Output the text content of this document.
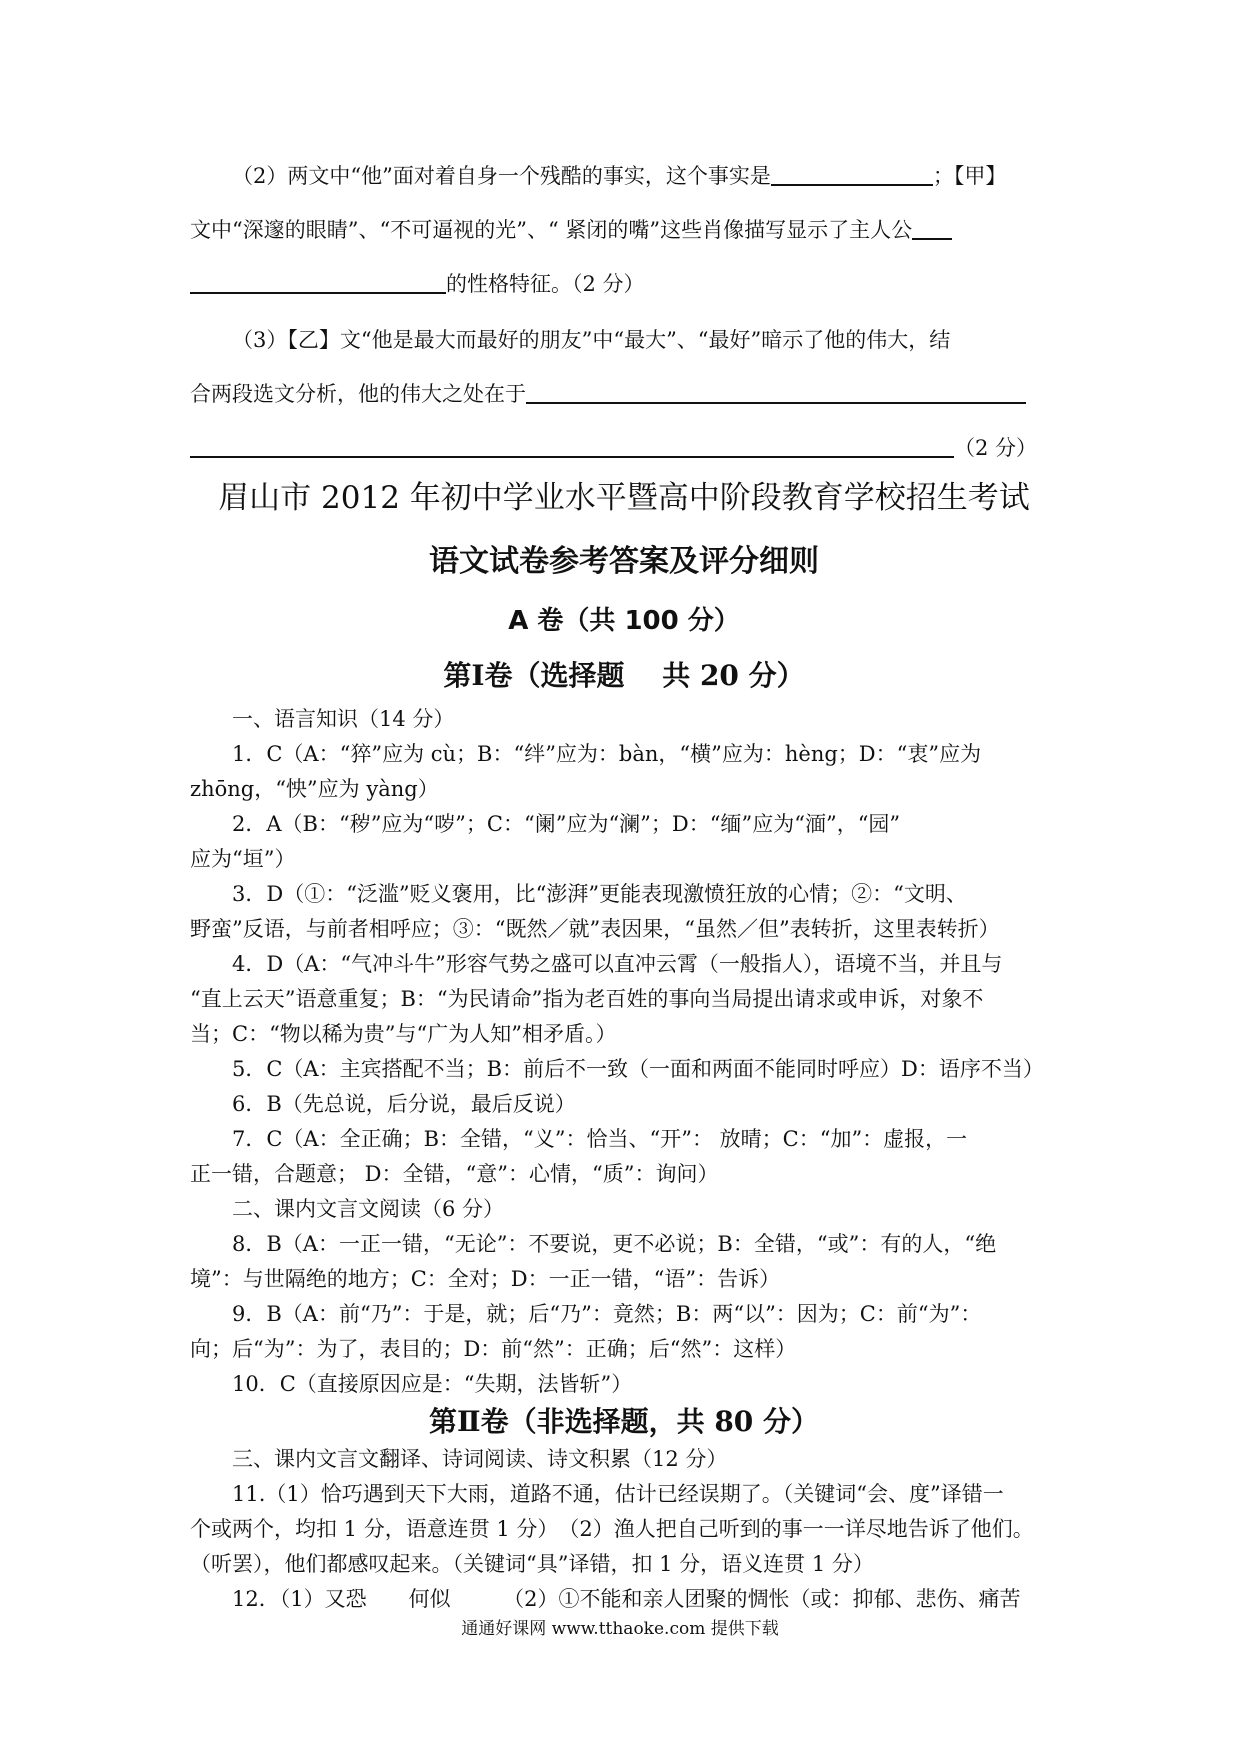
（2）两文中“他”面对着自身一个残酷的事实，这个事实是	；【甲】

文中“深邃的眼睛”、“不可逼视的光”、“ 紧闭的嘴”这些肖像描写显示了主人公

的性格特征。（2 分）

（3）【乙】文“他是最大而最好的朋友”中“最大”、“最好”暗示了他的伟大，结

合两段选文分析，他的伟大之处在于

（2 分）

眉山市 2012 年初中学业水平暨高中阶段教育学校招生考试
语文试卷参考答案及评分细则
A 卷（共 100 分）
第Ⅰ卷（选择题　 共 20 分）

一、语言知识（14 分）

1．C（A：“猝”应为 cù；B：“绊”应为：bàn，“横”应为：hèng；D：“衷”应为

zhōng，“怏”应为 yàng）

2．A（B：“秽”应为“哕”；C：“阑”应为“澜”；D：“缅”应为“湎”，“园”

应为“垣”）

3．D（①：“泛滥”贬义褒用，比“澎湃”更能表现激愤狂放的心情；②：“文明、

野蛮”反语，与前者相呼应；③：“既然／就”表因果，“虽然／但”表转折，这里表转折）

4．D（A：“气冲斗牛”形容气势之盛可以直冲云霄（一般指人），语境不当，并且与

“直上云天”语意重复；B：“为民请命”指为老百姓的事向当局提出请求或申诉，对象不

当；C：“物以稀为贵”与“广为人知”相矛盾。）

5．C（A：主宾搭配不当；B：前后不一致（一面和两面不能同时呼应）D：语序不当）

6．B（先总说，后分说，最后反说）

7．C（A：全正确；B：全错，“义”：恰当、“开”： 放晴；C：“加”：虚报，一

正一错，合题意； D：全错，“意”：心情，“质”：询问）

二、课内文言文阅读（6 分）

8．B（A：一正一错，“无论”：不要说，更不必说；B：全错，“或”：有的人，“绝

境”：与世隔绝的地方；C：全对；D：一正一错，“语”：告诉）

9．B（A：前“乃”：于是，就；后“乃”：竟然；B：两“以”：因为；C：前“为”：

向；后“为”：为了，表目的；D：前“然”：正确；后“然”：这样）

10．C（直接原因应是：“失期，法皆斩”）

第Ⅱ卷（非选择题，共 80 分）

三、课内文言文翻译、诗词阅读、诗文积累（12 分）

11.（1）恰巧遇到天下大雨，道路不通，估计已经误期了。（关键词“会、度”译错一

个或两个，均扣 1 分，语意连贯 1 分）　（2）渔人把自己听到的事一一详尽地告诉了他们。

（听罢），他们都感叹起来。（关键词“具”译错，扣 1 分，语义连贯 1 分）

12．（1）又恐　　何似　　　（2）①不能和亲人团聚的惆怅（或：抑郁、悲伤、痛苦

通通好课网 www.tthaoke.com 提供下载
